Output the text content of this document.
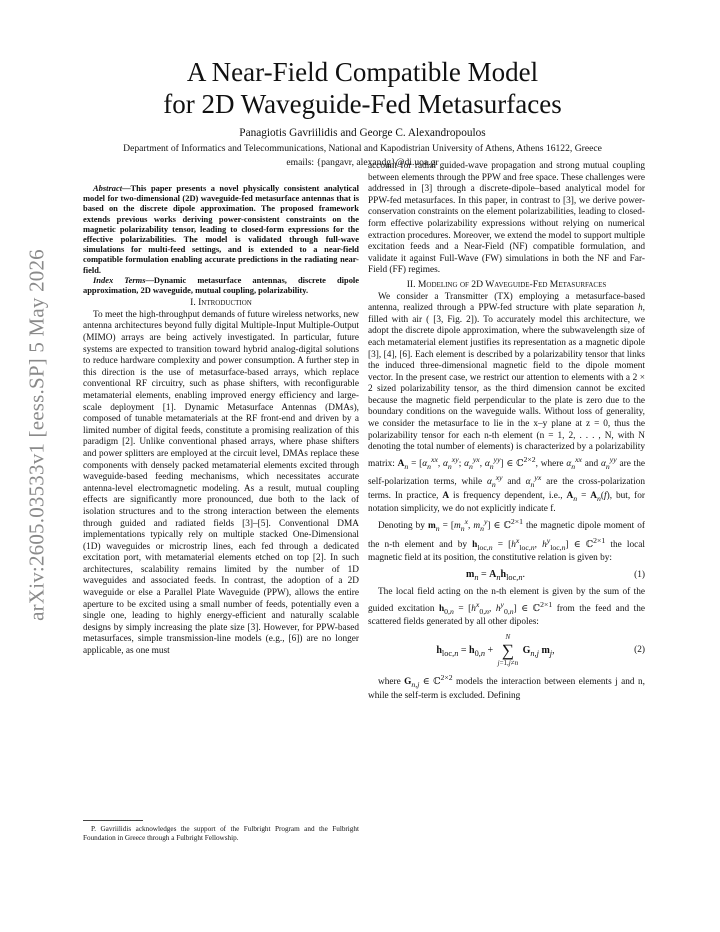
arXiv:2605.03533v1 [eess.SP] 5 May 2026
A Near-Field Compatible Model
for 2D Waveguide-Fed Metasurfaces
Panagiotis Gavriilidis and George C. Alexandropoulos
Department of Informatics and Telecommunications, National and Kapodistrian University of Athens, Athens 16122, Greece
emails: {pangavr, alexandg}@di.uoa.gr
Abstract—This paper presents a novel physically consistent analytical model for two-dimensional (2D) waveguide-fed metasurface antennas that is based on the discrete dipole approximation. The proposed framework extends previous works deriving power-consistent constraints on the magnetic polarizability tensor, leading to closed-form expressions for the effective polarizabilities. The model is validated through full-wave simulations for multi-feed settings, and is extended to a near-field compatible formulation enabling accurate predictions in the radiating near-field.
Index Terms—Dynamic metasurface antennas, discrete dipole approximation, 2D waveguide, mutual coupling, polarizability.
I. Introduction

To meet the high-throughput demands of future wireless networks, new antenna architectures beyond fully digital Multiple-Input Multiple-Output (MIMO) arrays are being actively investigated. In particular, future systems are expected to transition toward hybrid analog-digital solutions to reduce hardware complexity and power consumption. A further step in this direction is the use of metasurface-based arrays, which replace conventional RF circuitry, such as phase shifters, with reconfigurable metamaterial elements, enabling improved energy efficiency and large-scale deployment [1]. Dynamic Metasurface Antennas (DMAs), composed of tunable metamaterials at the RF front-end and driven by a limited number of digital feeds, constitute a promising realization of this paradigm [2]. Unlike conventional phased arrays, where phase shifters and power splitters are employed at the circuit level, DMAs replace these components with densely packed metamaterial elements excited through waveguide-based feeding mechanisms, which necessitates accurate antenna-level electromagnetic modeling. As a result, mutual coupling effects are significantly more pronounced, due both to the lack of isolation structures and to the strong interaction between the elements through guided and radiated fields [3]–[5]. Conventional DMA implementations typically rely on multiple stacked One-Dimensional (1D) waveguides or microstrip lines, each fed through a dedicated excitation port, with metamaterial elements etched on top [2]. In such architectures, scalability remains limited by the number of 1D waveguides and associated feeds. In contrast, the adoption of a 2D waveguide or else a Parallel Plate Waveguide (PPW), allows the entire aperture to be excited using a small number of feeds, potentially even a single one, leading to highly energy-efficient and naturally scalable designs by simply increasing the plate size [3]. However, for PPW-based metasurfaces, simple transmission-line models (e.g., [6]) are no longer applicable, as one must

P. Gavriilidis acknowledges the support of the Fulbright Program and the Fulbright Foundation in Greece through a Fulbright Fellowship.

account for radial guided-wave propagation and strong mutual coupling between elements through the PPW and free space. These challenges were addressed in [3] through a discrete-dipole–based analytical model for PPW-fed metasurfaces. In this paper, in contrast to [3], we derive power-conservation constraints on the element polarizabilities, leading to closed-form effective polarizability expressions without relying on numerical extraction procedures. Moreover, we extend the model to support multiple excitation feeds and a Near-Field (NF) compatible formulation, and validate it against Full-Wave (FW) simulations in both the NF and Far-Field (FF) regimes.

II. Modeling of 2D Waveguide-Fed Metasurfaces

We consider a Transmitter (TX) employing a metasurface-based antenna, realized through a PPW-fed structure with plate separation h, filled with air ( [3, Fig. 2]). To accurately model this architecture, we adopt the discrete dipole approximation, where the subwavelength size of each metamaterial element justifies its representation as a magnetic dipole [3], [4], [6]. Each element is described by a polarizability tensor that links the induced three-dimensional magnetic field to the dipole moment vector. In the present case, we restrict our attention to elements with a 2 × 2 sized polarizability tensor, as the third dimension cannot be excited because the magnetic field perpendicular to the plate is zero due to the boundary conditions on the waveguide walls. Without loss of generality, we consider the metasurface to lie in the x–y plane at z = 0, thus the polarizability tensor for each n-th element (n = 1, 2, . . . , N, with N denoting the total number of elements) is characterized by a polarizability matrix: $A_n = [\alpha_n^{xx}$, $\alpha_n^{xy}$; $\alpha_n^{yx}$, $\alpha_n^{yy}$] ∈ ℂ$^{2\times 2}$, where $\alpha_n^{xx}$ and $\alpha_n^{yy}$ are the self-polarization terms, while $\alpha_n^{xy}$ and $\alpha_n^{yx}$ are the cross-polarization terms. In practice, A is frequency dependent, i.e., $A_n = A_n(f)$, but, for notation simplicity, we do not explicitly indicate f.

Denoting by $m_n = [m_n^x$, $m_n^y$] ∈ ℂ$^{2\times 1}$ the magnetic dipole moment of the n-th element and by $h_{loc,n} = [h^x_{loc,n}$, $h^y_{loc,n}$] ∈ ℂ$^{2\times 1}$ the local magnetic field at its position, the constitutive relation is given by:

$m_n = A_nh_{loc,n}$.	(1)

The local field acting on the n-th element is given by the sum of the guided excitation $h_{0,n} = [h^x_{0,n}$, $h^y_{0,n}$] ∈ ℂ$^{2\times 1}$ from the feed and the scattered fields generated by all other dipoles:

$h_{loc,n} = h_{0,n}$ +
N
∑
j=1,j≠n
$G_{n,j}$ $m_j$,	(2)

where $G_{n,j}$ ∈ ℂ$^{2\times 2}$ models the interaction between elements j and n, while the self-term is excluded. Defining
